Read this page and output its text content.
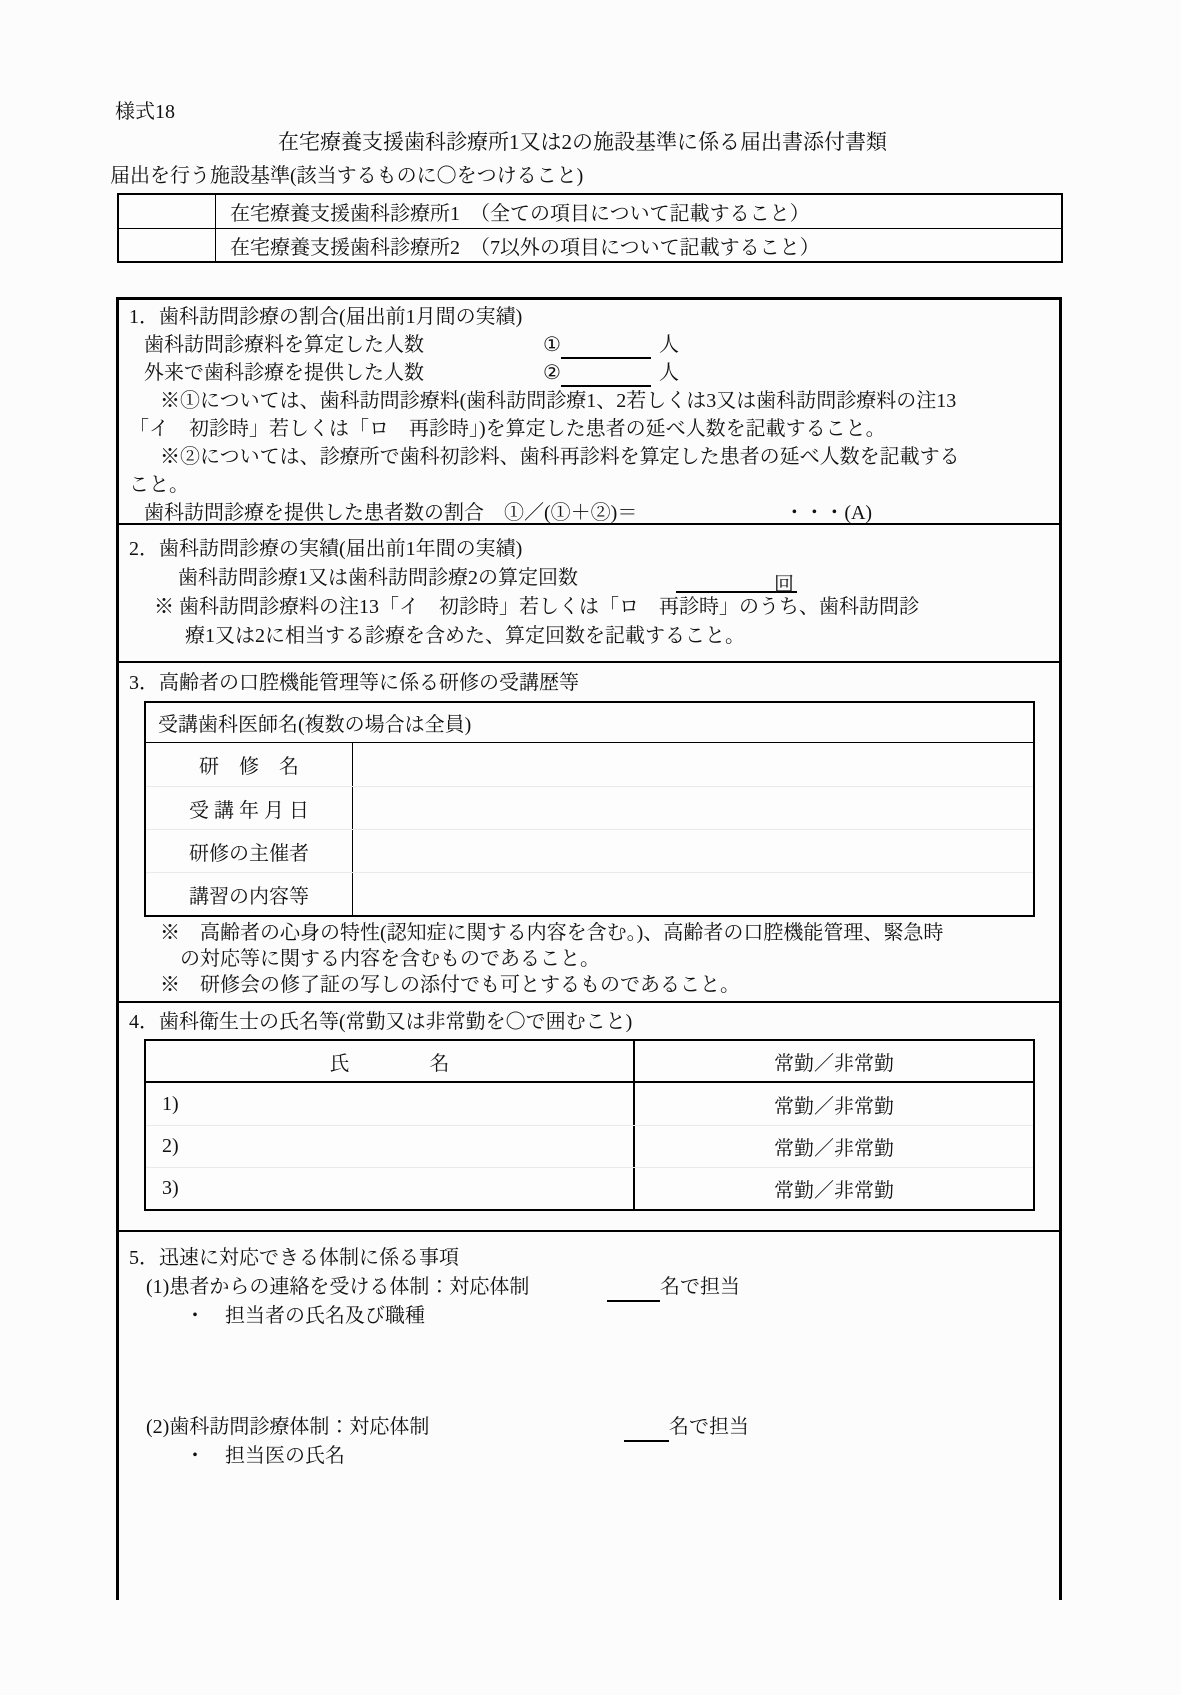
様式18
在宅療養支援歯科診療所1又は2の施設基準に係る届出書添付書類
届出を行う施設基準(該当するものに〇をつけること)
在宅療養支援歯科診療所1　（全ての項目について記載すること）
在宅療養支援歯科診療所2　（7以外の項目について記載すること）
1．歯科訪問診療の割合(届出前1月間の実績)
歯科訪問診療料を算定した人数	①	人
外来で歯科診療を提供した人数	②	人
※①については、歯科訪問診療料(歯科訪問診療1、2若しくは3又は歯科訪問診療料の注13
「イ　初診時」若しくは「ロ　再診時」)を算定した患者の延べ人数を記載すること。
※②については、診療所で歯科初診料、歯科再診料を算定した患者の延べ人数を記載する
こと。
歯科訪問診療を提供した患者数の割合　①／(①＋②)＝	・・・(A)
2．歯科訪問診療の実績(届出前1年間の実績)
歯科訪問診療1又は歯科訪問診療2の算定回数	回
※ 歯科訪問診療料の注13「イ　初診時」若しくは「ロ　再診時」のうち、歯科訪問診
療1又は2に相当する診療を含めた、算定回数を記載すること。
3．高齢者の口腔機能管理等に係る研修の受講歴等
受講歯科医師名(複数の場合は全員)
研　修　名
受 講 年 月 日
研修の主催者
講習の内容等
※　高齢者の心身の特性(認知症に関する内容を含む。)、高齢者の口腔機能管理、緊急時
の対応等に関する内容を含むものであること。
※　研修会の修了証の写しの添付でも可とするものであること。
4．歯科衛生士の氏名等(常勤又は非常勤を〇で囲むこと)
氏　　　　名	常勤／非常勤
1)	常勤／非常勤
2)	常勤／非常勤
3)	常勤／非常勤
5．迅速に対応できる体制に係る事項
(1)患者からの連絡を受ける体制：対応体制	名で担当
・　担当者の氏名及び職種
(2)歯科訪問診療体制：対応体制	名で担当
・　担当医の氏名
